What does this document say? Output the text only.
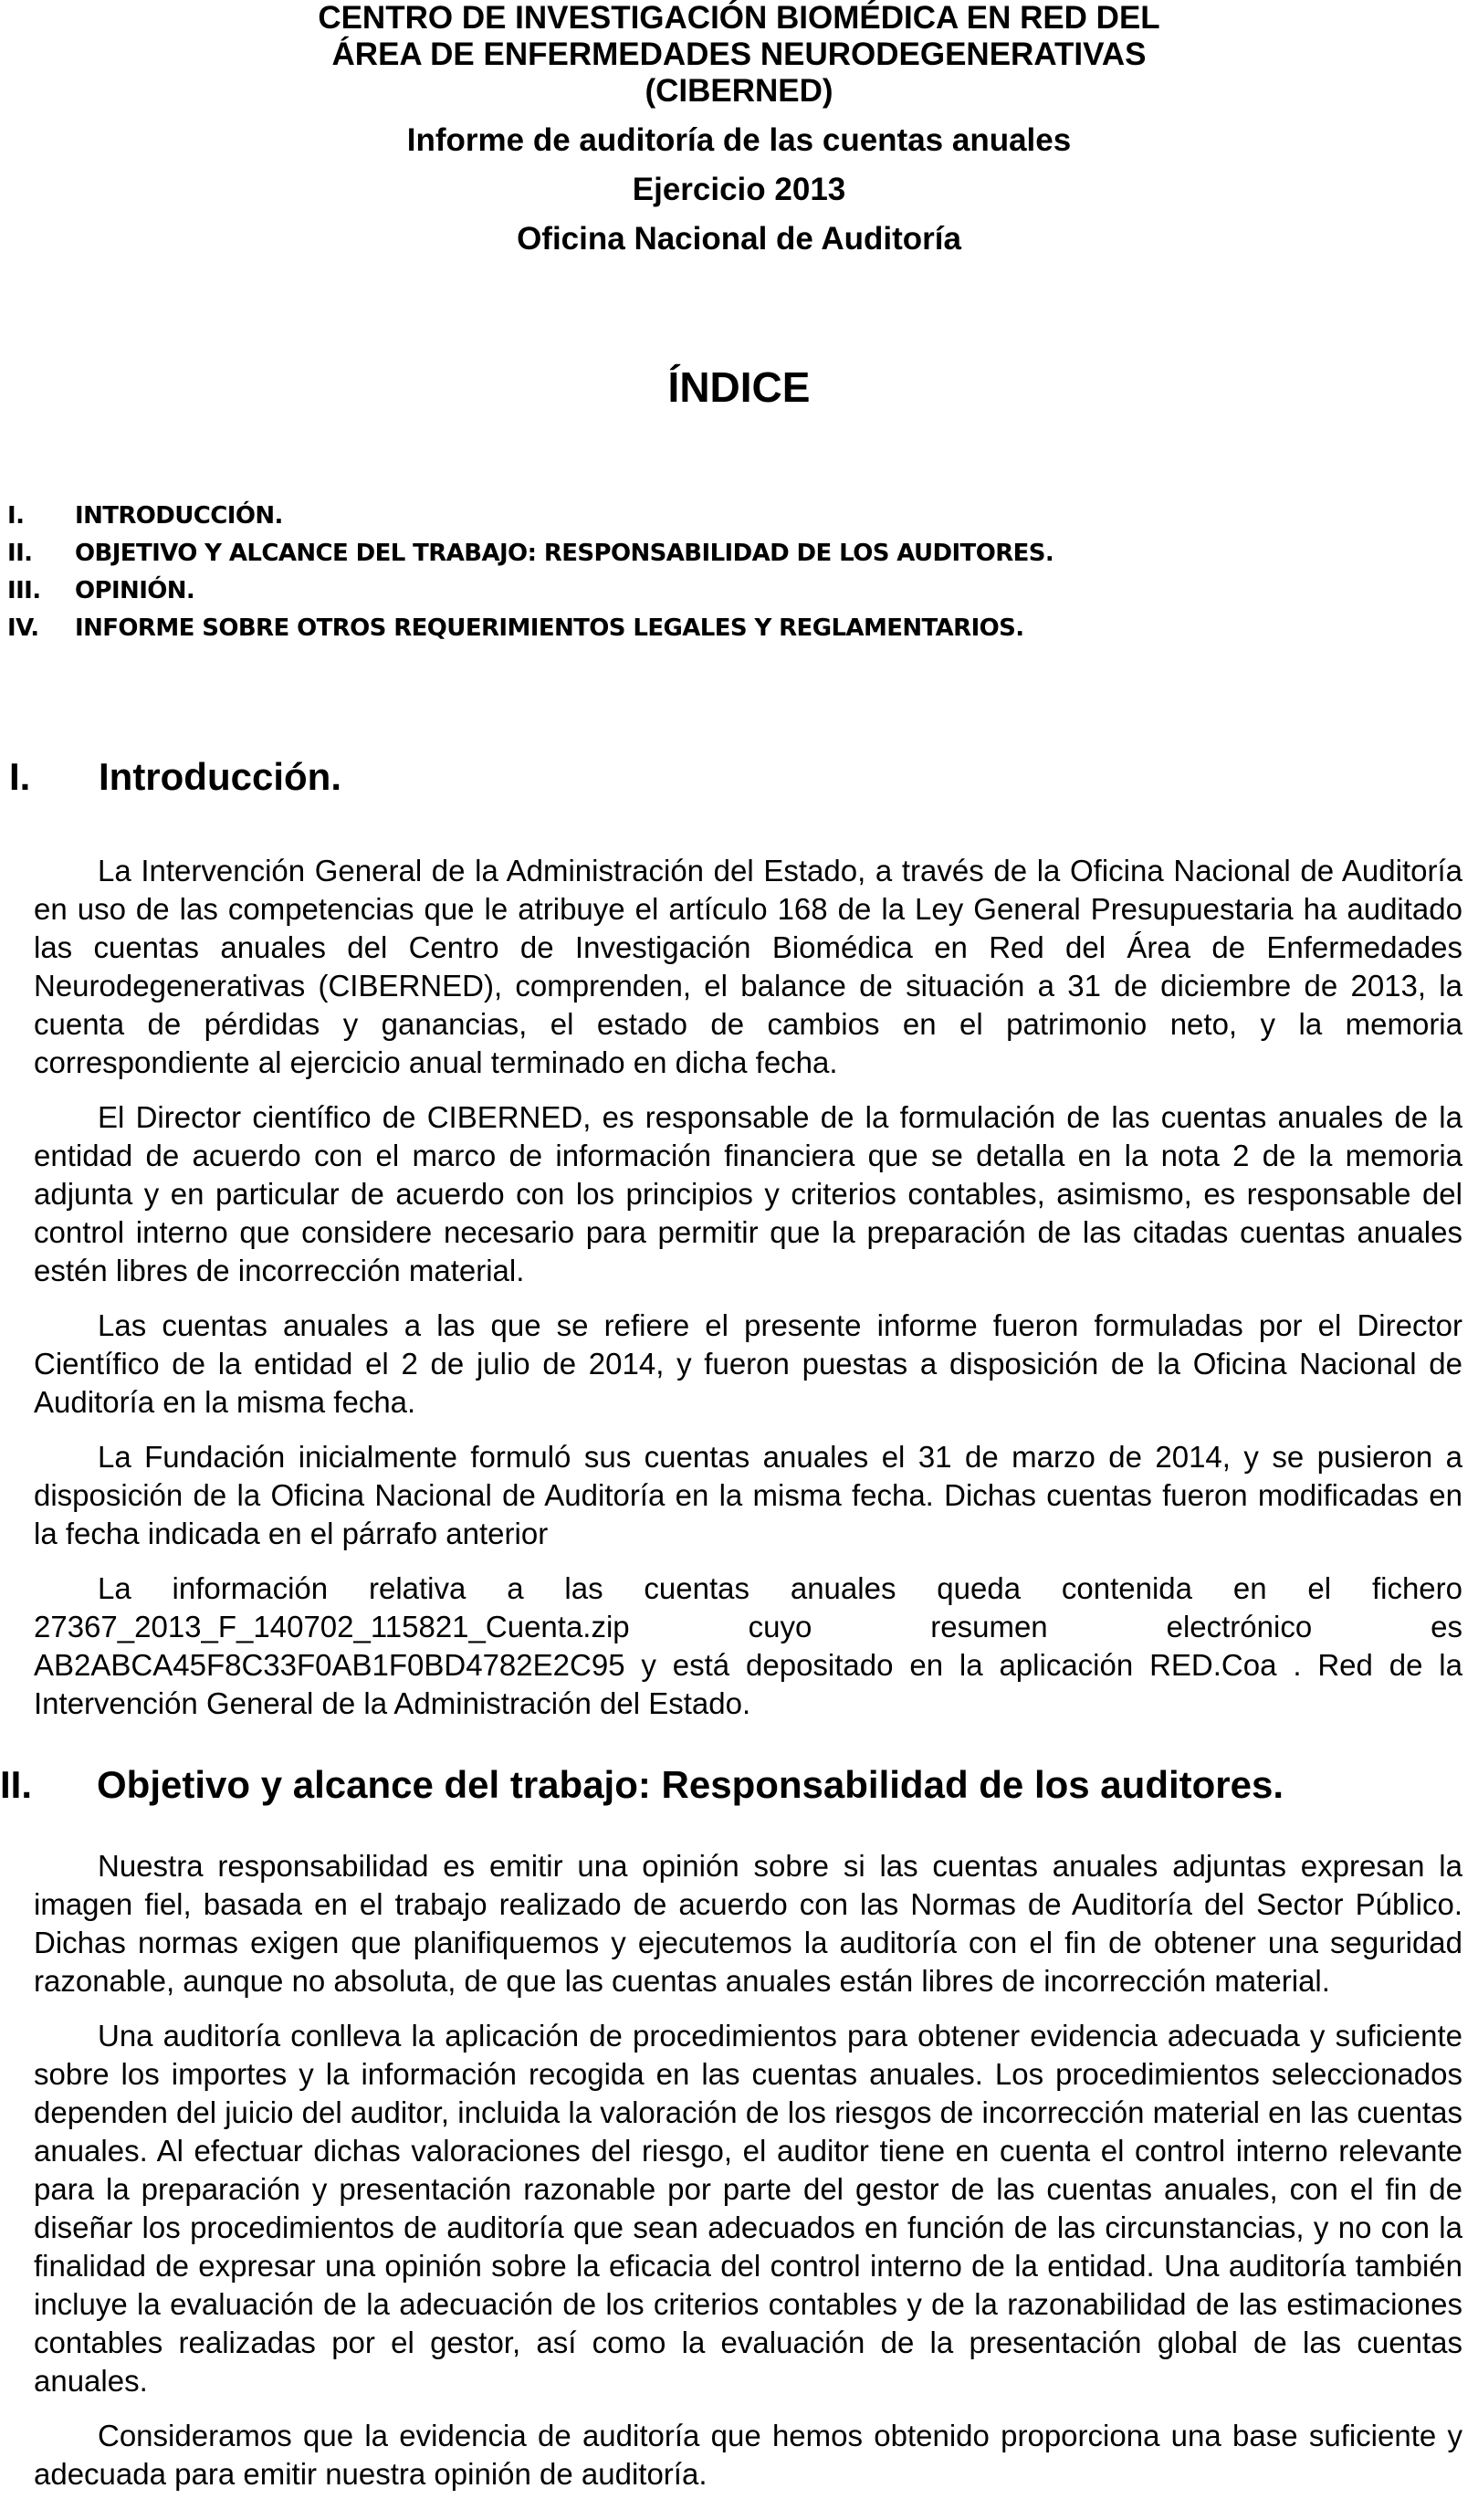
CENTRO DE INVESTIGACIÓN BIOMÉDICA EN RED DEL
ÁREA DE ENFERMEDADES NEURODEGENERATIVAS
(CIBERNED)
Informe de auditoría de las cuentas anuales
Ejercicio 2013
Oficina Nacional de Auditoría
ÍNDICE
I. INTRODUCCIÓN.
II. OBJETIVO Y ALCANCE DEL TRABAJO: RESPONSABILIDAD DE LOS AUDITORES.
III. OPINIÓN.
IV. INFORME SOBRE OTROS REQUERIMIENTOS LEGALES Y REGLAMENTARIOS.
I. Introducción.

La Intervención General de la Administración del Estado, a través de la Oficina Nacional de Auditoría en uso de las competencias que le atribuye el artículo 168 de la Ley General Presupuestaria ha auditado las cuentas anuales del Centro de Investigación Biomédica en Red del Área de Enfermedades Neurodegenerativas (CIBERNED), comprenden, el balance de situación a 31 de diciembre de 2013, la cuenta de pérdidas y ganancias, el estado de cambios en el patrimonio neto, y la memoria correspondiente al ejercicio anual terminado en dicha fecha.

El Director científico de CIBERNED, es responsable de la formulación de las cuentas anuales de la entidad de acuerdo con el marco de información financiera que se detalla en la nota 2 de la memoria adjunta y en particular de acuerdo con los principios y criterios contables, asimismo, es responsable del control interno que considere necesario para permitir que la preparación de las citadas cuentas anuales estén libres de incorrección material.

Las cuentas anuales a las que se refiere el presente informe fueron formuladas por el Director Científico de la entidad el 2 de julio de 2014, y fueron puestas a disposición de la Oficina Nacional de Auditoría en la misma fecha.

La Fundación inicialmente formuló sus cuentas anuales el 31 de marzo de 2014, y se pusieron a disposición de la Oficina Nacional de Auditoría en la misma fecha. Dichas cuentas fueron modificadas en la fecha indicada en el párrafo anterior

La información relativa a las cuentas anuales queda contenida en el fichero 27367_2013_F_140702_115821_Cuenta.zip cuyo resumen electrónico es AB2ABCA45F8C33F0AB1F0BD4782E2C95 y está depositado en la aplicación RED.Coa . Red de la Intervención General de la Administración del Estado.

II. Objetivo y alcance del trabajo: Responsabilidad de los auditores.

Nuestra responsabilidad es emitir una opinión sobre si las cuentas anuales adjuntas expresan la imagen fiel, basada en el trabajo realizado de acuerdo con las Normas de Auditoría del Sector Público. Dichas normas exigen que planifiquemos y ejecutemos la auditoría con el fin de obtener una seguridad razonable, aunque no absoluta, de que las cuentas anuales están libres de incorrección material.

Una auditoría conlleva la aplicación de procedimientos para obtener evidencia adecuada y suficiente sobre los importes y la información recogida en las cuentas anuales. Los procedimientos seleccionados dependen del juicio del auditor, incluida la valoración de los riesgos de incorrección material en las cuentas anuales. Al efectuar dichas valoraciones del riesgo, el auditor tiene en cuenta el control interno relevante para la preparación y presentación razonable por parte del gestor de las cuentas anuales, con el fin de diseñar los procedimientos de auditoría que sean adecuados en función de las circunstancias, y no con la finalidad de expresar una opinión sobre la eficacia del control interno de la entidad. Una auditoría también incluye la evaluación de la adecuación de los criterios contables y de la razonabilidad de las estimaciones contables realizadas por el gestor, así como la evaluación de la presentación global de las cuentas anuales.

Consideramos que la evidencia de auditoría que hemos obtenido proporciona una base suficiente y adecuada para emitir nuestra opinión de auditoría.
